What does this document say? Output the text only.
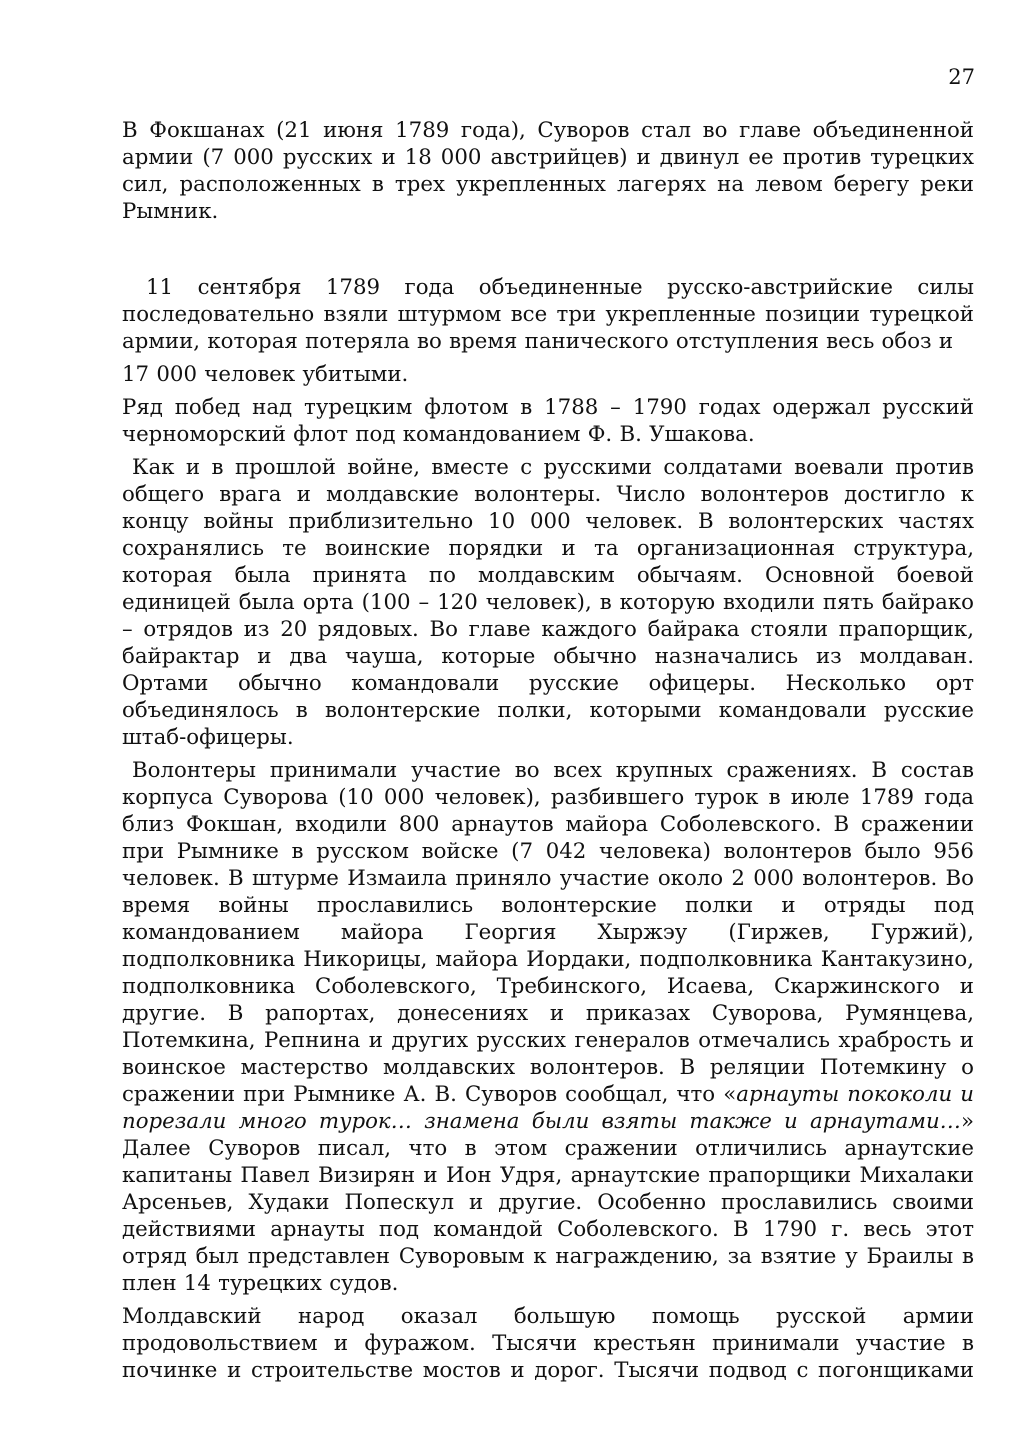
27

В Фокшанах (21 июня 1789 года), Суворов стал во главе объединенной армии (7 000 русских и 18 000 австрийцев) и двинул ее против турецких сил, расположенных в трех укрепленных лагерях на левом берегу реки Рымник.

11 сентября 1789 года объединенные русско-австрийские силы последовательно взяли штурмом все три укрепленные позиции турецкой армии, которая потеряла во время панического отступления весь обоз и

17 000 человек убитыми.

Ряд побед над турецким флотом в 1788 – 1790 годах одержал русский черноморский флот под командованием Ф. В. Ушакова.

Как и в прошлой войне, вместе с русскими солдатами воевали против общего врага и молдавские волонтеры. Число волонтеров достигло к концу войны приблизительно 10 000 человек. В волонтерских частях сохранялись те воинские порядки и та организационная структура, которая была принята по молдавским обычаям. Основной боевой единицей была орта (100 – 120 человек), в которую входили пять байрако – отрядов из 20 рядовых. Во главе каждого байрака стояли прапорщик, байрактар и два чауша, которые обычно назначались из молдаван. Ортами обычно командовали русские офицеры. Несколько орт объединялось в волонтерские полки, которыми командовали русские штаб-офицеры.

Волонтеры принимали участие во всех крупных сражениях. В состав корпуса Суворова (10 000 человек), разбившего турок в июле 1789 года близ Фокшан, входили 800 арнаутов майора Соболевского. В сражении при Рымнике в русском войске (7 042 человека) волонтеров было 956 человек. В штурме Измаила приняло участие около 2 000 волонтеров. Во время войны прославились волонтерские полки и отряды под командованием майора Георгия Хыржэу (Гиржев, Гуржий), подполковника Никорицы, майора Иордаки, подполковника Кантакузино, подполковника Соболевского, Требинского, Исаева, Скаржинского и другие. В рапортах, донесениях и приказах Суворова, Румянцева, Потемкина, Репнина и других русских генералов отмечались храбрость и воинское мастерство молдавских волонтеров. В реляции Потемкину о сражении при Рымнике А. В. Суворов сообщал, что «арнауты пококоли и порезали много турок… знамена были взяты также и арнаутами…» Далее Суворов писал, что в этом сражении отличились арнаутские капитаны Павел Визирян и Ион Удря, арнаутские прапорщики Михалаки Арсеньев, Худаки Попескул и другие. Особенно прославились своими действиями арнауты под командой Соболевского. В 1790 г. весь этот отряд был представлен Суворовым к награждению, за взятие у Браилы в плен 14 турецких судов.

Молдавский народ оказал большую помощь русской армии продовольствием и фуражом. Тысячи крестьян принимали участие в починке и строительстве мостов и дорог. Тысячи подвод с погонщиками
